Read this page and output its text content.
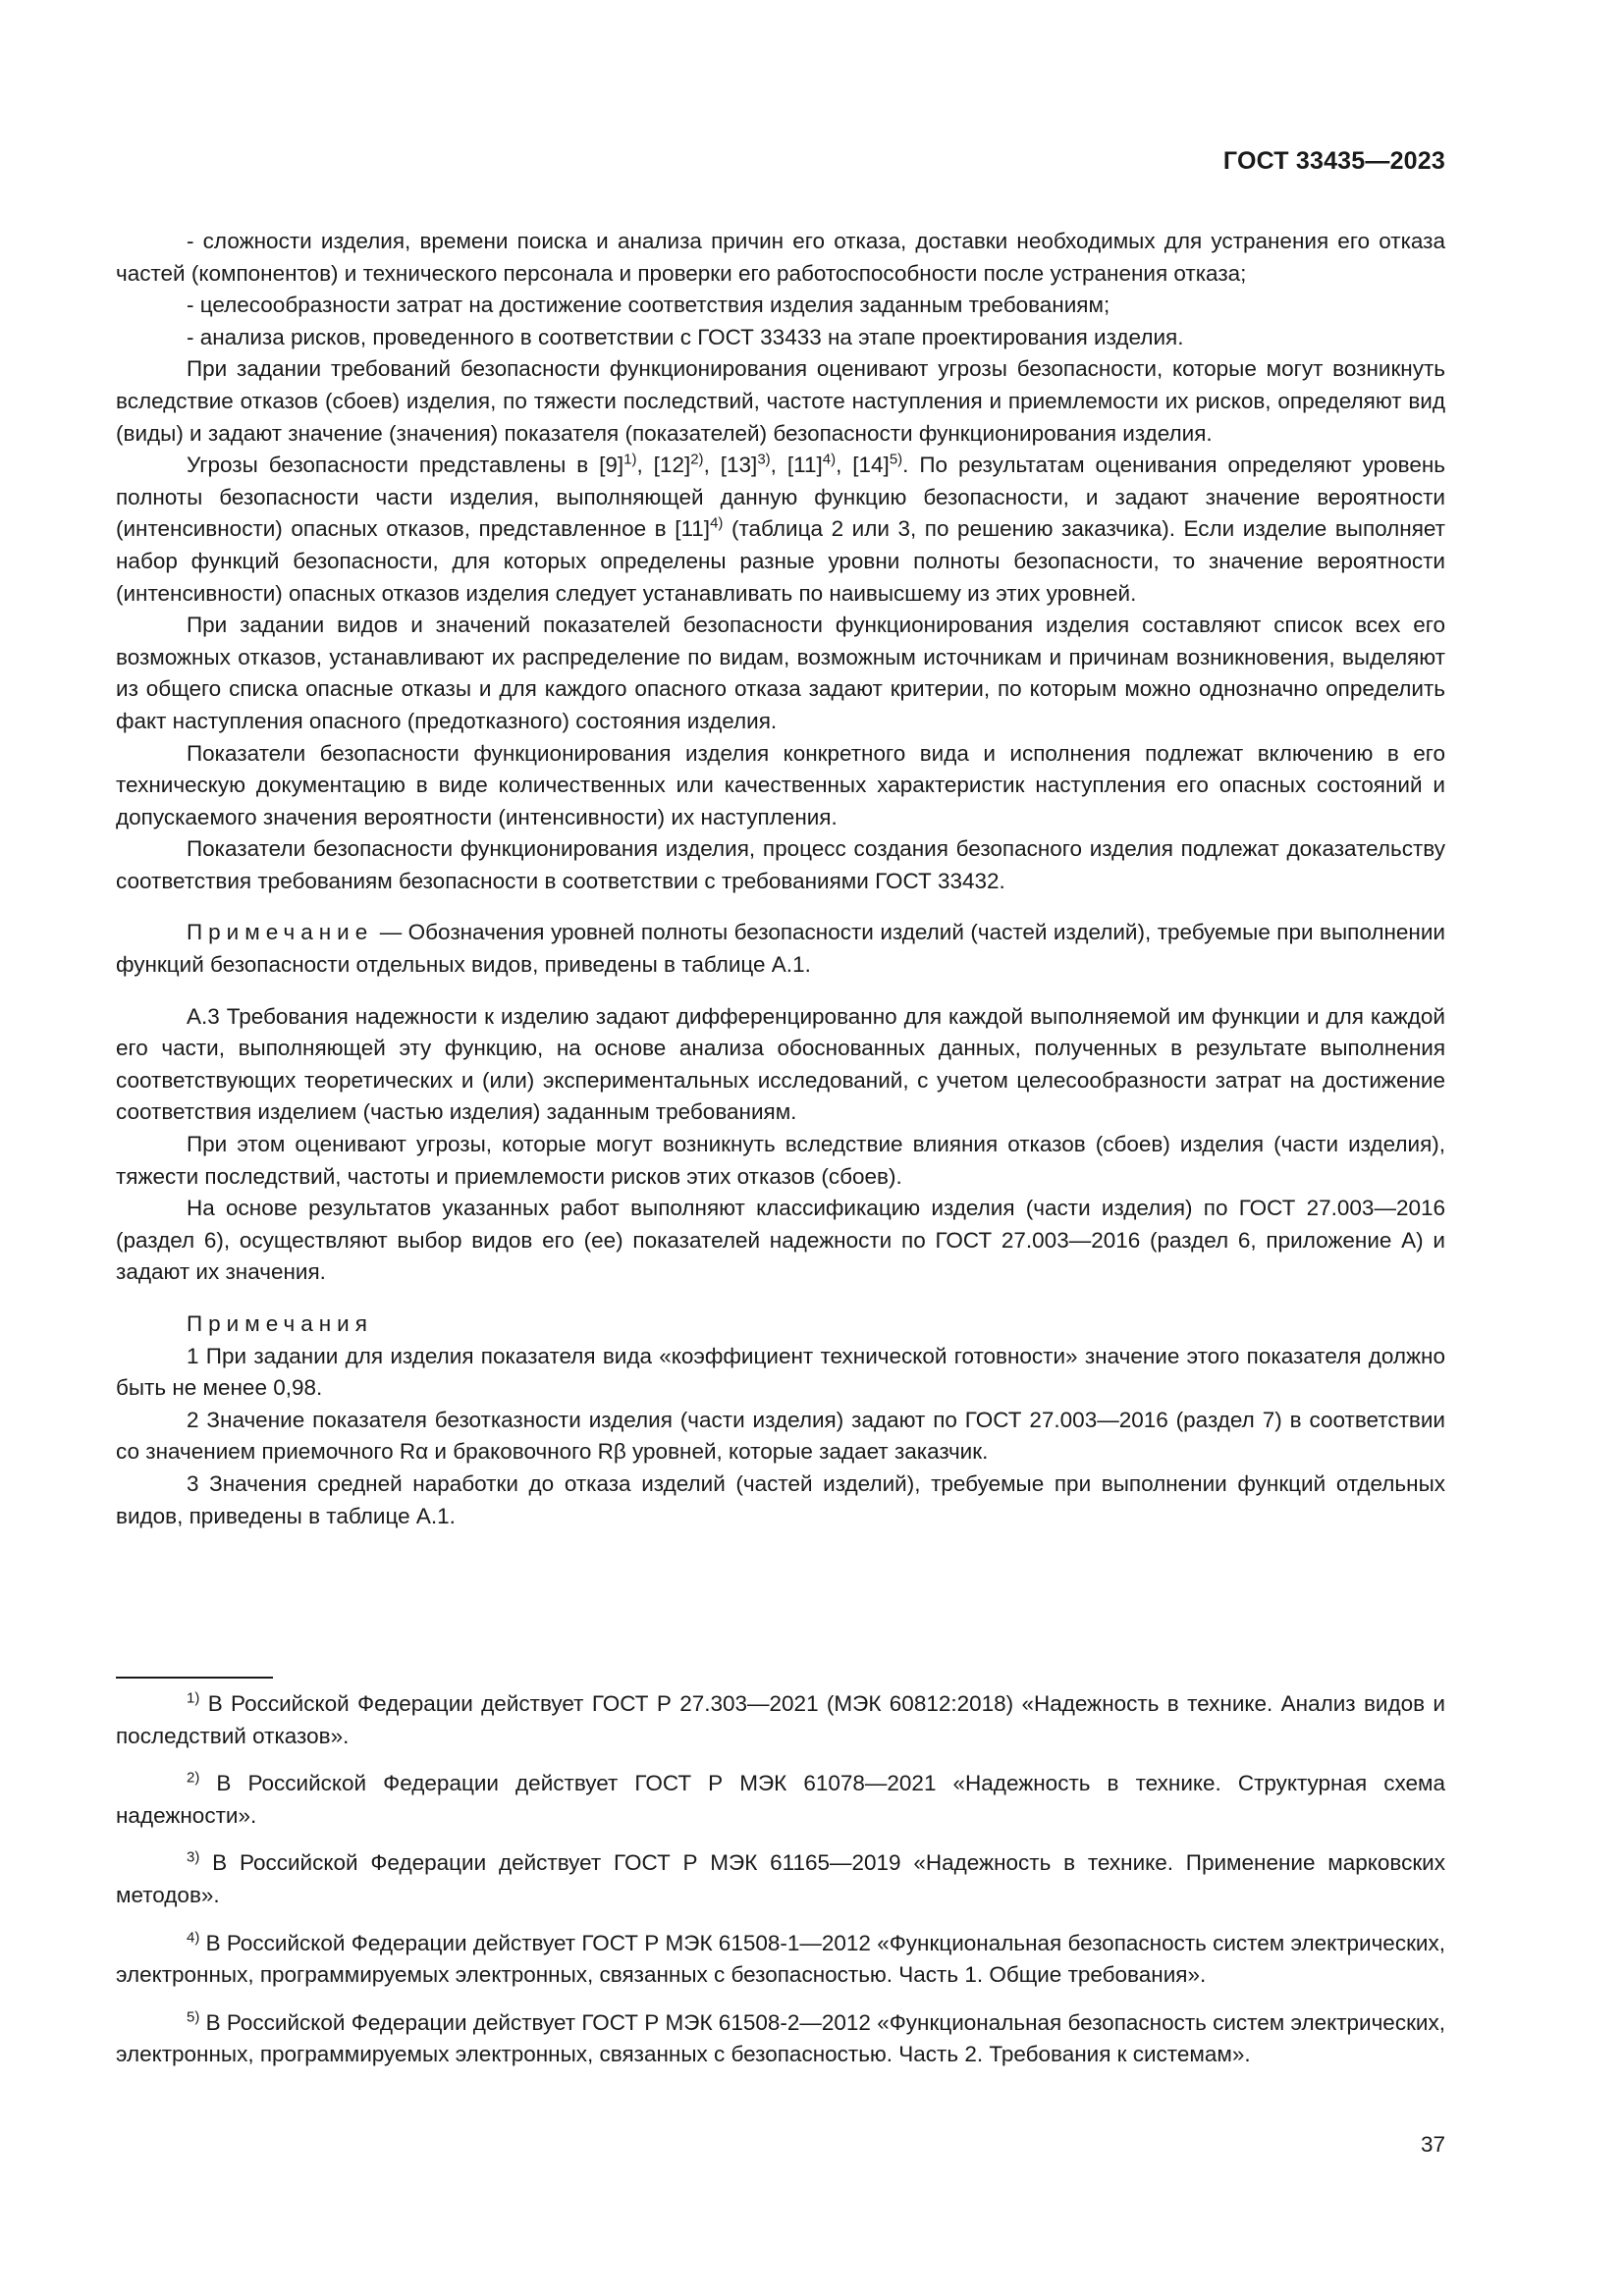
ГОСТ 33435—2023

- сложности изделия, времени поиска и анализа причин его отказа, доставки необходимых для устранения его отказа частей (компонентов) и технического персонала и проверки его работоспособности после устранения отказа;

- целесообразности затрат на достижение соответствия изделия заданным требованиям;

- анализа рисков, проведенного в соответствии с ГОСТ 33433 на этапе проектирования изделия.

При задании требований безопасности функционирования оценивают угрозы безопасности, которые могут возникнуть вследствие отказов (сбоев) изделия, по тяжести последствий, частоте наступления и приемлемости их рисков, определяют вид (виды) и задают значение (значения) показателя (показателей) безопасности функционирования изделия.

Угрозы безопасности представлены в $[9]^{1)}$, $[12]^{2)}$, $[13]^{3)}$, $[11]^{4)}$, $[14]^{5)}$. По результатам оценивания определяют уровень полноты безопасности части изделия, выполняющей данную функцию безопасности, и задают значение вероятности (интенсивности) опасных отказов, представленное в $[11]^{4)}$ (таблица 2 или 3, по решению заказчика). Если изделие выполняет набор функций безопасности, для которых определены разные уровни полноты безопасности, то значение вероятности (интенсивности) опасных отказов изделия следует устанавливать по наивысшему из этих уровней.

При задании видов и значений показателей безопасности функционирования изделия составляют список всех его возможных отказов, устанавливают их распределение по видам, возможным источникам и причинам возникновения, выделяют из общего списка опасные отказы и для каждого опасного отказа задают критерии, по которым можно однозначно определить факт наступления опасного (предотказного) состояния изделия.

Показатели безопасности функционирования изделия конкретного вида и исполнения подлежат включению в его техническую документацию в виде количественных или качественных характеристик наступления его опасных состояний и допускаемого значения вероятности (интенсивности) их наступления.

Показатели безопасности функционирования изделия, процесс создания безопасного изделия подлежат доказательству соответствия требованиям безопасности в соответствии с требованиями ГОСТ 33432.

Примечание — Обозначения уровней полноты безопасности изделий (частей изделий), требуемые при выполнении функций безопасности отдельных видов, приведены в таблице А.1.

А.3 Требования надежности к изделию задают дифференцированно для каждой выполняемой им функции и для каждой его части, выполняющей эту функцию, на основе анализа обоснованных данных, полученных в результате выполнения соответствующих теоретических и (или) экспериментальных исследований, с учетом целесообразности затрат на достижение соответствия изделием (частью изделия) заданным требованиям.

При этом оценивают угрозы, которые могут возникнуть вследствие влияния отказов (сбоев) изделия (части изделия), тяжести последствий, частоты и приемлемости рисков этих отказов (сбоев).

На основе результатов указанных работ выполняют классификацию изделия (части изделия) по ГОСТ 27.003—2016 (раздел 6), осуществляют выбор видов его (ее) показателей надежности по ГОСТ 27.003—2016 (раздел 6, приложение А) и задают их значения.

Примечания

1 При задании для изделия показателя вида «коэффициент технической готовности» значение этого показателя должно быть не менее 0,98.

2 Значение показателя безотказности изделия (части изделия) задают по ГОСТ 27.003—2016 (раздел 7) в соответствии со значением приемочного Rα и браковочного Rβ уровней, которые задает заказчик.

3 Значения средней наработки до отказа изделий (частей изделий), требуемые при выполнении функций отдельных видов, приведены в таблице А.1.

$^{1)}$ В Российской Федерации действует ГОСТ Р 27.303—2021 (МЭК 60812:2018) «Надежность в технике. Анализ видов и последствий отказов».

$^{2)}$ В Российской Федерации действует ГОСТ Р МЭК 61078—2021 «Надежность в технике. Структурная схема надежности».

$^{3)}$ В Российской Федерации действует ГОСТ Р МЭК 61165—2019 «Надежность в технике. Применение марковских методов».

$^{4)}$ В Российской Федерации действует ГОСТ Р МЭК 61508-1—2012 «Функциональная безопасность систем электрических, электронных, программируемых электронных, связанных с безопасностью. Часть 1. Общие требования».

$^{5)}$ В Российской Федерации действует ГОСТ Р МЭК 61508-2—2012 «Функциональная безопасность систем электрических, электронных, программируемых электронных, связанных с безопасностью. Часть 2. Требования к системам».

37
